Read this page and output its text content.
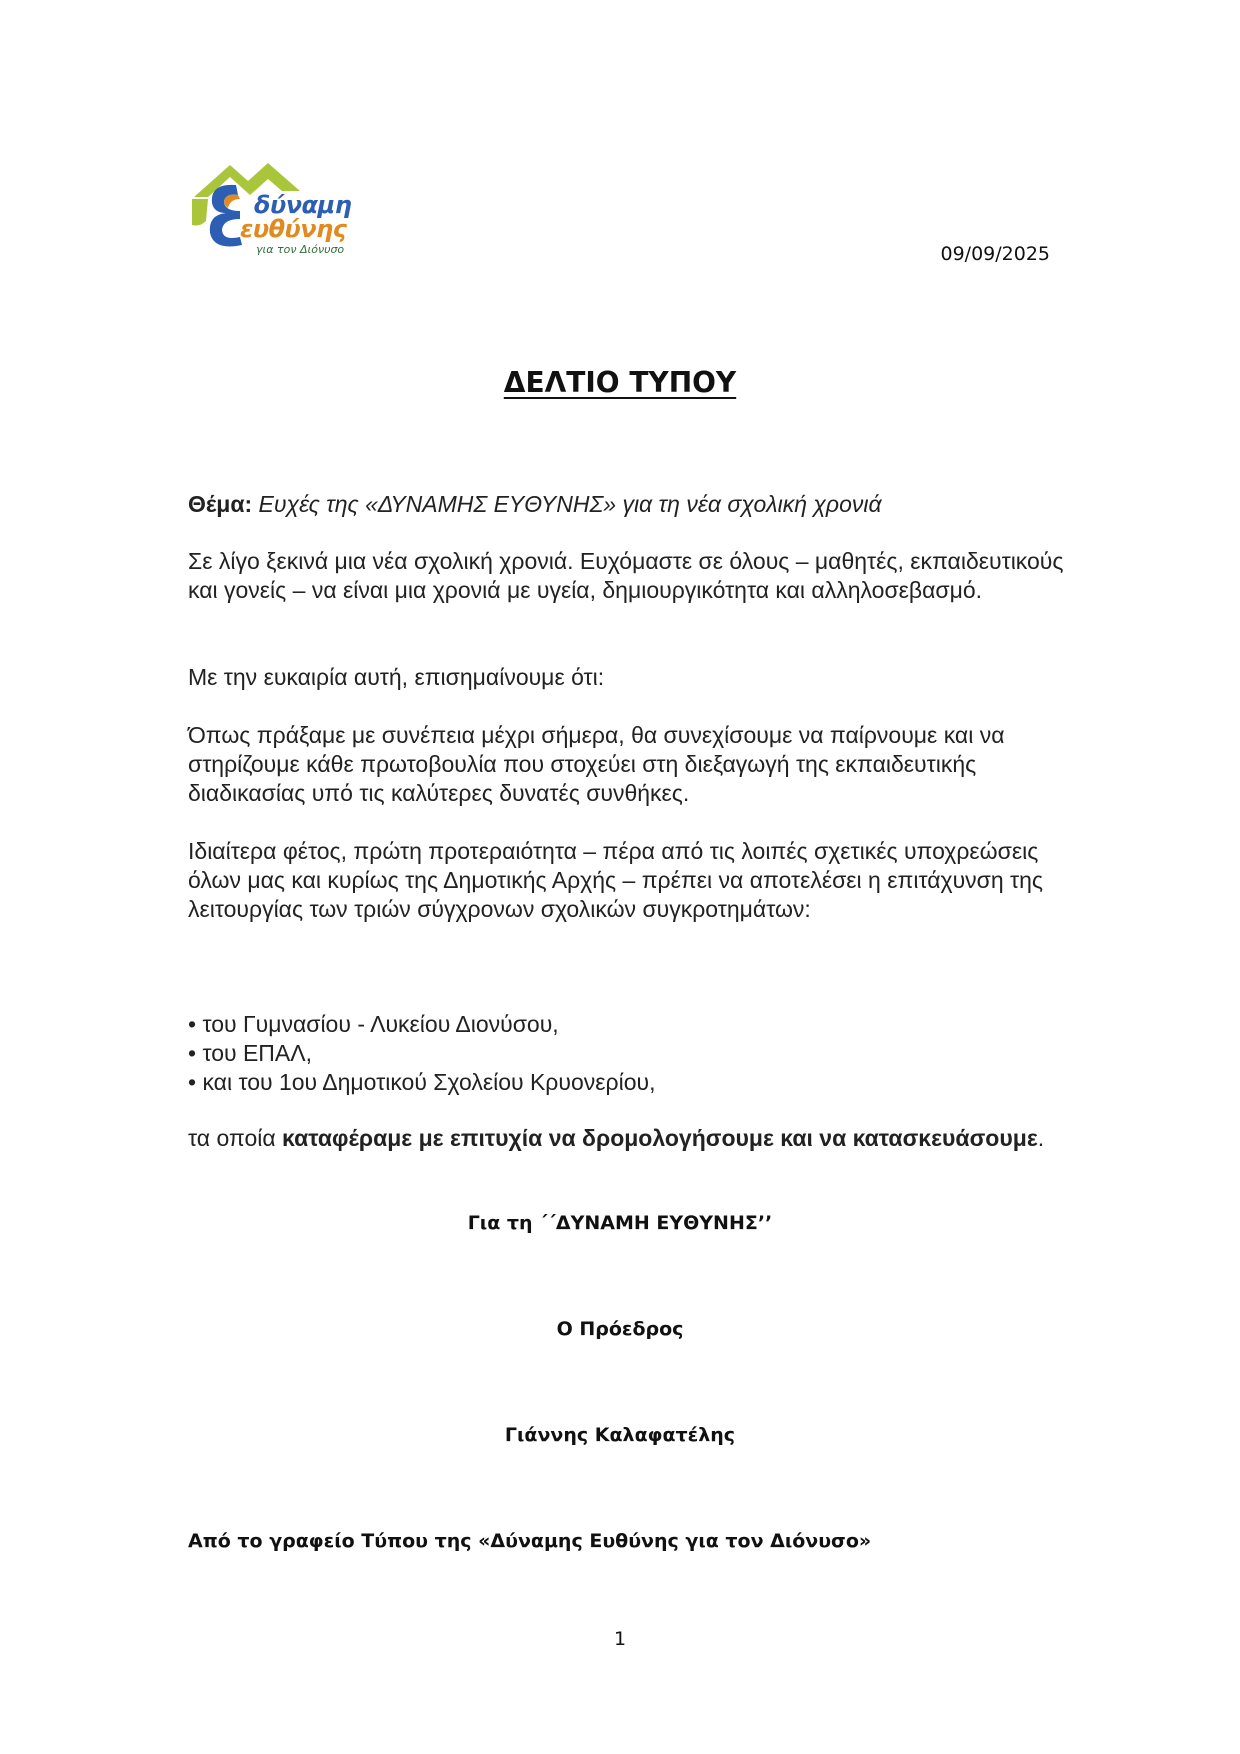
δύναμη
ευθύνης
για τον Διόνυσο	09/09/2025
ΔΕΛΤΙΟ ΤΥΠΟΥ
Θέμα: Ευχές της «ΔΥΝΑΜΗΣ ΕΥΘΥΝΗΣ» για τη νέα σχολική χρονιά
Σε λίγο ξεκινά μια νέα σχολική χρονιά. Ευχόμαστε σε όλους – μαθητές, εκπαιδευτικούς και γονείς – να είναι μια χρονιά με υγεία, δημιουργικότητα και αλληλοσεβασμό.
Με την ευκαιρία αυτή, επισημαίνουμε ότι:
Όπως πράξαμε με συνέπεια μέχρι σήμερα, θα συνεχίσουμε να παίρνουμε και να στηρίζουμε κάθε πρωτοβουλία που στοχεύει στη διεξαγωγή της εκπαιδευτικής διαδικασίας υπό τις καλύτερες δυνατές συνθήκες.
Ιδιαίτερα φέτος, πρώτη προτεραιότητα – πέρα από τις λοιπές σχετικές υποχρεώσεις όλων μας και κυρίως της Δημοτικής Αρχής – πρέπει να αποτελέσει η επιτάχυνση της λειτουργίας των τριών σύγχρονων σχολικών συγκροτημάτων:
• του Γυμνασίου - Λυκείου Διονύσου,
• του ΕΠΑΛ,
• και του 1ου Δημοτικού Σχολείου Κρυονερίου,
τα οποία καταφέραμε με επιτυχία να δρομολογήσουμε και να κατασκευάσουμε.
Για τη ΄΄ΔΥΝΑΜΗ ΕΥΘΥΝΗΣ’’
Ο Πρόεδρος
Γιάννης Καλαφατέλης
Από το γραφείο Τύπου της «Δύναμης Ευθύνης για τον Διόνυσο»
1
